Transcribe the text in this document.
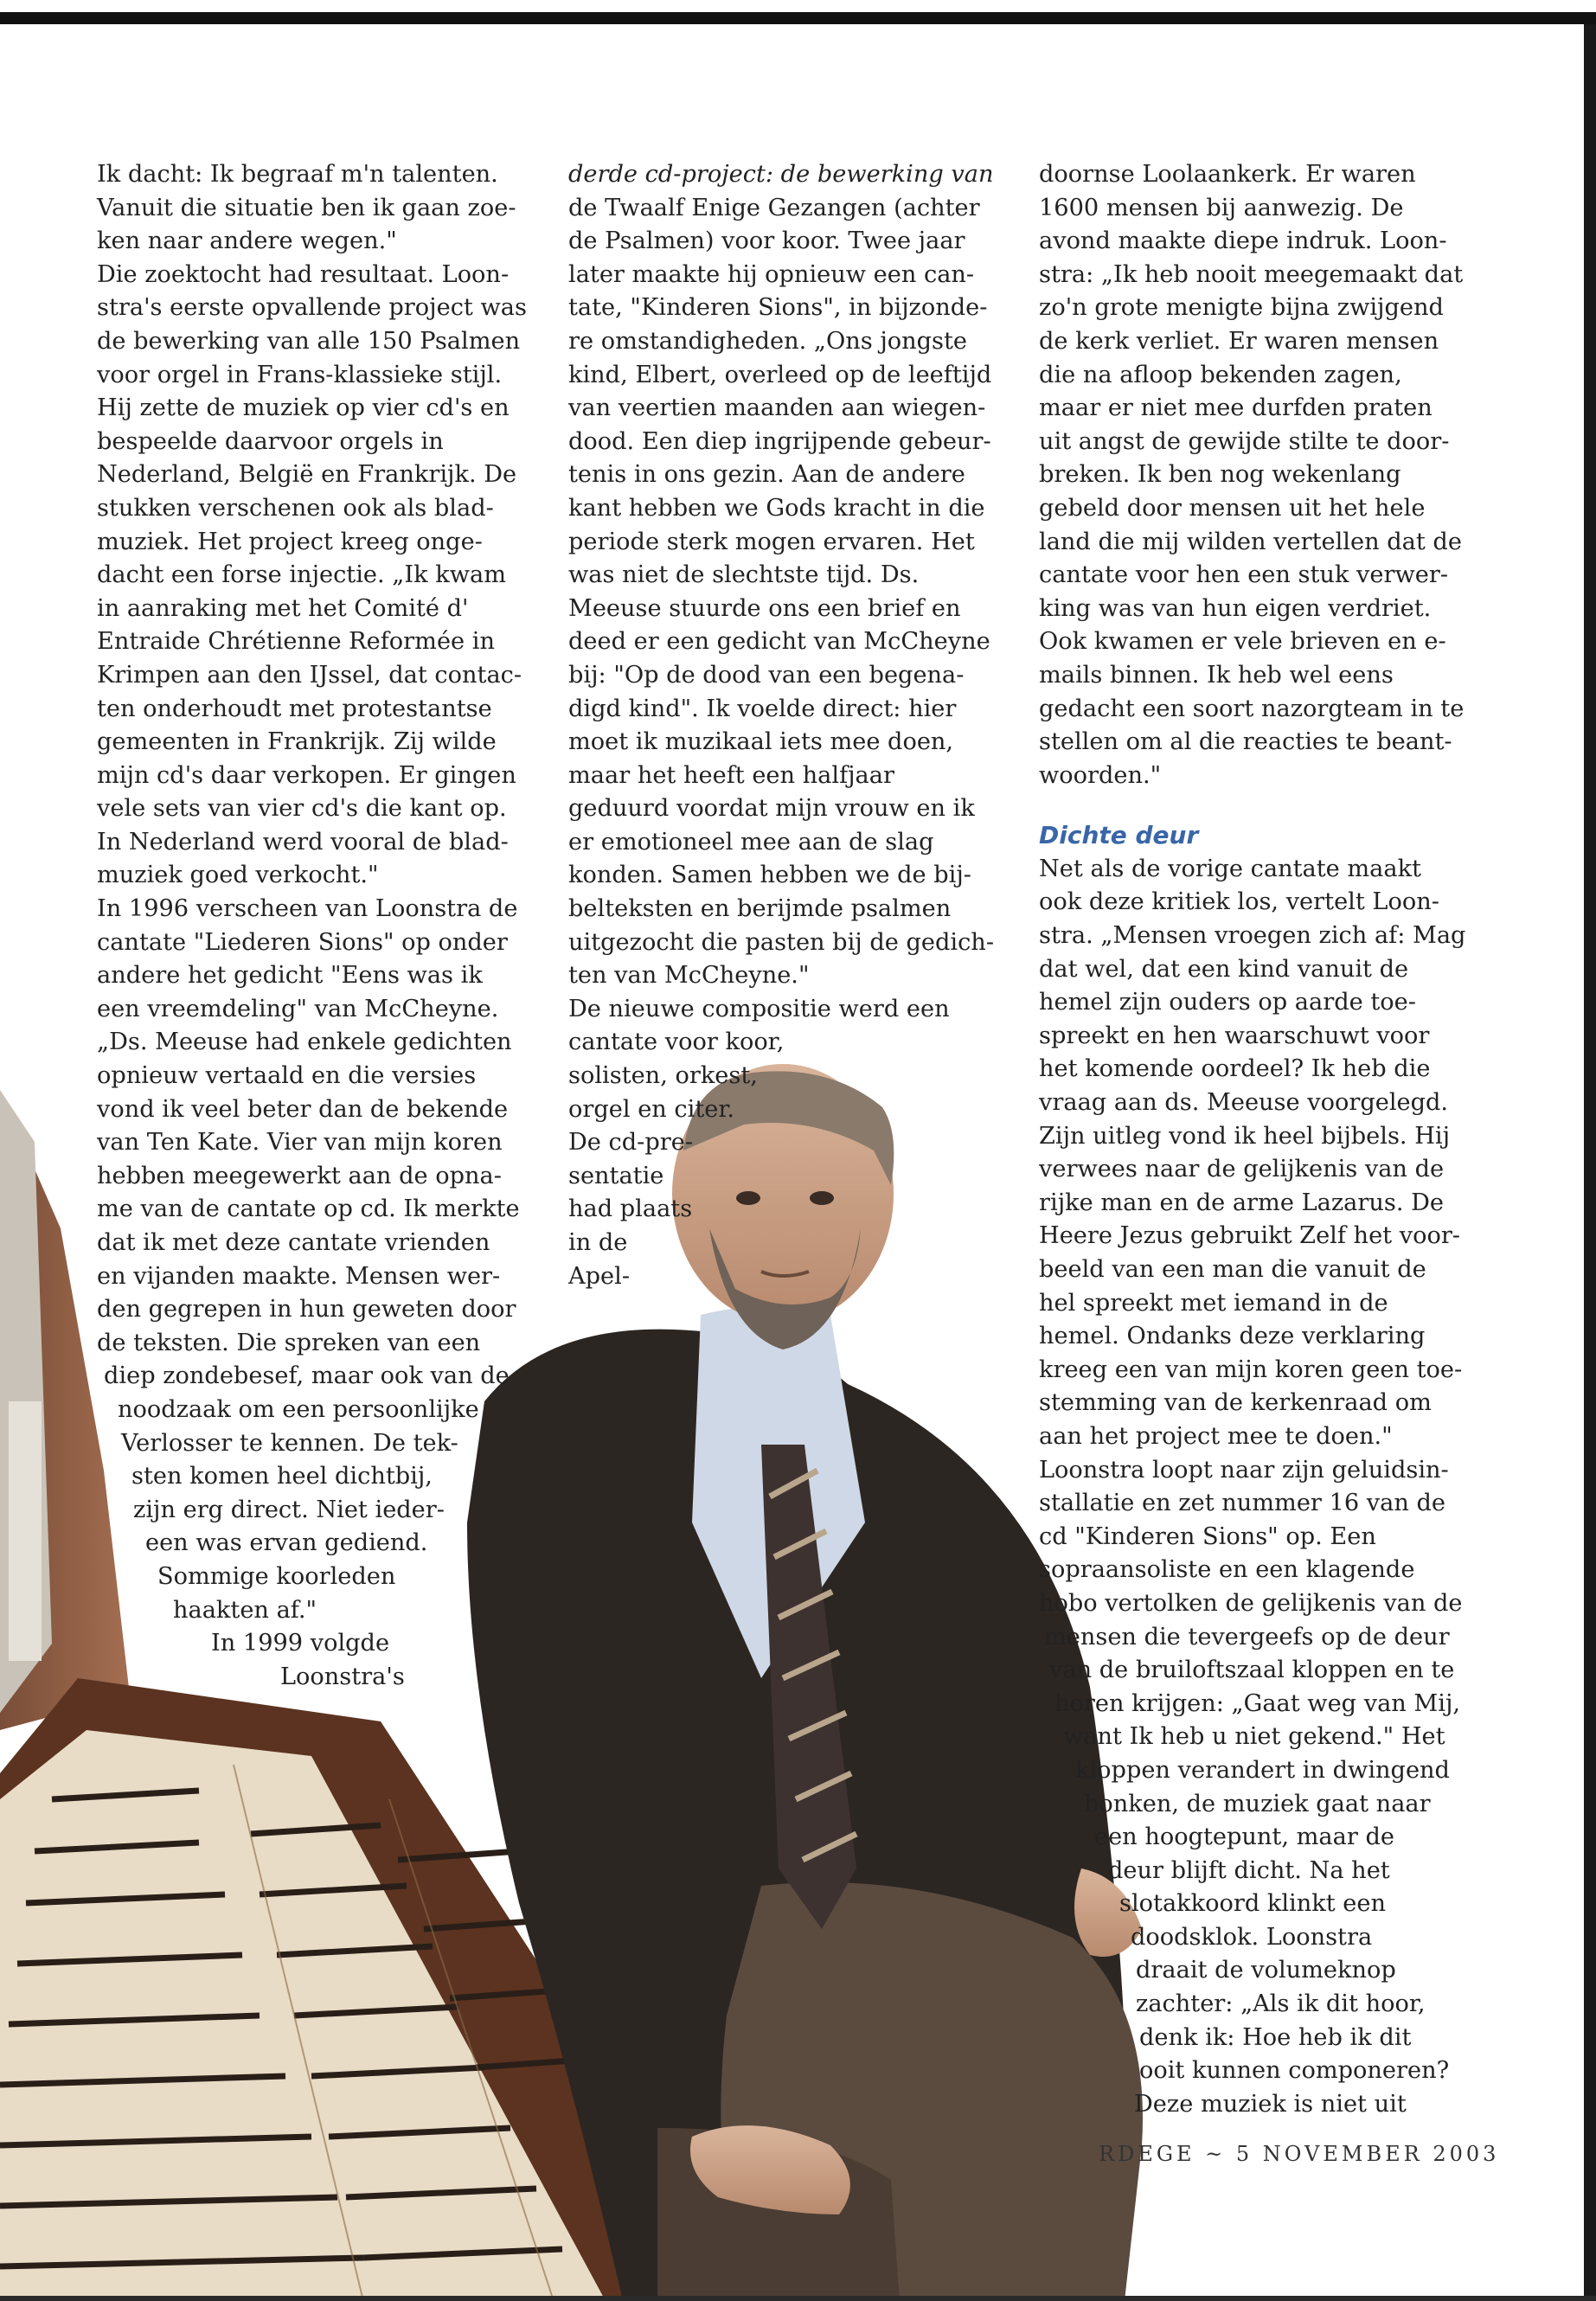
Ik dacht: Ik begraaf m'n talenten.
Vanuit die situatie ben ik gaan zoe-
ken naar andere wegen."
Die zoektocht had resultaat. Loon-
stra's eerste opvallende project was
de bewerking van alle 150 Psalmen
voor orgel in Frans-klassieke stijl.
Hij zette de muziek op vier cd's en
bespeelde daarvoor orgels in
Nederland, België en Frankrijk. De
stukken verschenen ook als blad-
muziek. Het project kreeg onge-
dacht een forse injectie. „Ik kwam
in aanraking met het Comité d'
Entraide Chrétienne Reformée in
Krimpen aan den IJssel, dat contac-
ten onderhoudt met protestantse
gemeenten in Frankrijk. Zij wilde
mijn cd's daar verkopen. Er gingen
vele sets van vier cd's die kant op.
In Nederland werd vooral de blad-
muziek goed verkocht."
In 1996 verscheen van Loonstra de
cantate "Liederen Sions" op onder
andere het gedicht "Eens was ik
een vreemdeling" van McCheyne.
„Ds. Meeuse had enkele gedichten
opnieuw vertaald en die versies
vond ik veel beter dan de bekende
van Ten Kate. Vier van mijn koren
hebben meegewerkt aan de opna-
me van de cantate op cd. Ik merkte
dat ik met deze cantate vrienden
en vijanden maakte. Mensen wer-
den gegrepen in hun geweten door
de teksten. Die spreken van een
diep zondebesef, maar ook van de
noodzaak om een persoonlijke
Verlosser te kennen. De tek-
sten komen heel dichtbij,
zijn erg direct. Niet ieder-
een was ervan gediend.
Sommige koorleden
haakten af."
In 1999 volgde
Loonstra's
derde cd-project: de bewerking van
de Twaalf Enige Gezangen (achter
de Psalmen) voor koor. Twee jaar
later maakte hij opnieuw een can-
tate, "Kinderen Sions", in bijzonde-
re omstandigheden. „Ons jongste
kind, Elbert, overleed op de leeftijd
van veertien maanden aan wiegen-
dood. Een diep ingrijpende gebeur-
tenis in ons gezin. Aan de andere
kant hebben we Gods kracht in die
periode sterk mogen ervaren. Het
was niet de slechtste tijd. Ds.
Meeuse stuurde ons een brief en
deed er een gedicht van McCheyne
bij: "Op de dood van een begena-
digd kind". Ik voelde direct: hier
moet ik muzikaal iets mee doen,
maar het heeft een halfjaar
geduurd voordat mijn vrouw en ik
er emotioneel mee aan de slag
konden. Samen hebben we de bij-
belteksten en berijmde psalmen
uitgezocht die pasten bij de gedich-
ten van McCheyne."
De nieuwe compositie werd een
cantate voor koor,
solisten, orkest,
orgel en citer.
De cd-pre-
sentatie
had plaats
in de
Apel-
doornse Loolaankerk. Er waren
1600 mensen bij aanwezig. De
avond maakte diepe indruk. Loon-
stra: „Ik heb nooit meegemaakt dat
zo'n grote menigte bijna zwijgend
de kerk verliet. Er waren mensen
die na afloop bekenden zagen,
maar er niet mee durfden praten
uit angst de gewijde stilte te door-
breken. Ik ben nog wekenlang
gebeld door mensen uit het hele
land die mij wilden vertellen dat de
cantate voor hen een stuk verwer-
king was van hun eigen verdriet.
Ook kwamen er vele brieven en e-
mails binnen. Ik heb wel eens
gedacht een soort nazorgteam in te
stellen om al die reacties te beant-
woorden."
Dichte deur
Net als de vorige cantate maakt
ook deze kritiek los, vertelt Loon-
stra. „Mensen vroegen zich af: Mag
dat wel, dat een kind vanuit de
hemel zijn ouders op aarde toe-
spreekt en hen waarschuwt voor
het komende oordeel? Ik heb die
vraag aan ds. Meeuse voorgelegd.
Zijn uitleg vond ik heel bijbels. Hij
verwees naar de gelijkenis van de
rijke man en de arme Lazarus. De
Heere Jezus gebruikt Zelf het voor-
beeld van een man die vanuit de
hel spreekt met iemand in de
hemel. Ondanks deze verklaring
kreeg een van mijn koren geen toe-
stemming van de kerkenraad om
aan het project mee te doen."
Loonstra loopt naar zijn geluidsin-
stallatie en zet nummer 16 van de
cd "Kinderen Sions" op. Een
sopraansoliste en een klagende
hobo vertolken de gelijkenis van de
mensen die tevergeefs op de deur
van de bruiloftszaal kloppen en te
horen krijgen: „Gaat weg van Mij,
want Ik heb u niet gekend." Het
kloppen verandert in dwingend
bonken, de muziek gaat naar
een hoogtepunt, maar de
deur blijft dicht. Na het
slotakkoord klinkt een
doodsklok. Loonstra
draait de volumeknop
zachter: „Als ik dit hoor,
denk ik: Hoe heb ik dit
ooit kunnen componeren?
Deze muziek is niet uit
RDEGE ~ 5 NOVEMBER 2003
